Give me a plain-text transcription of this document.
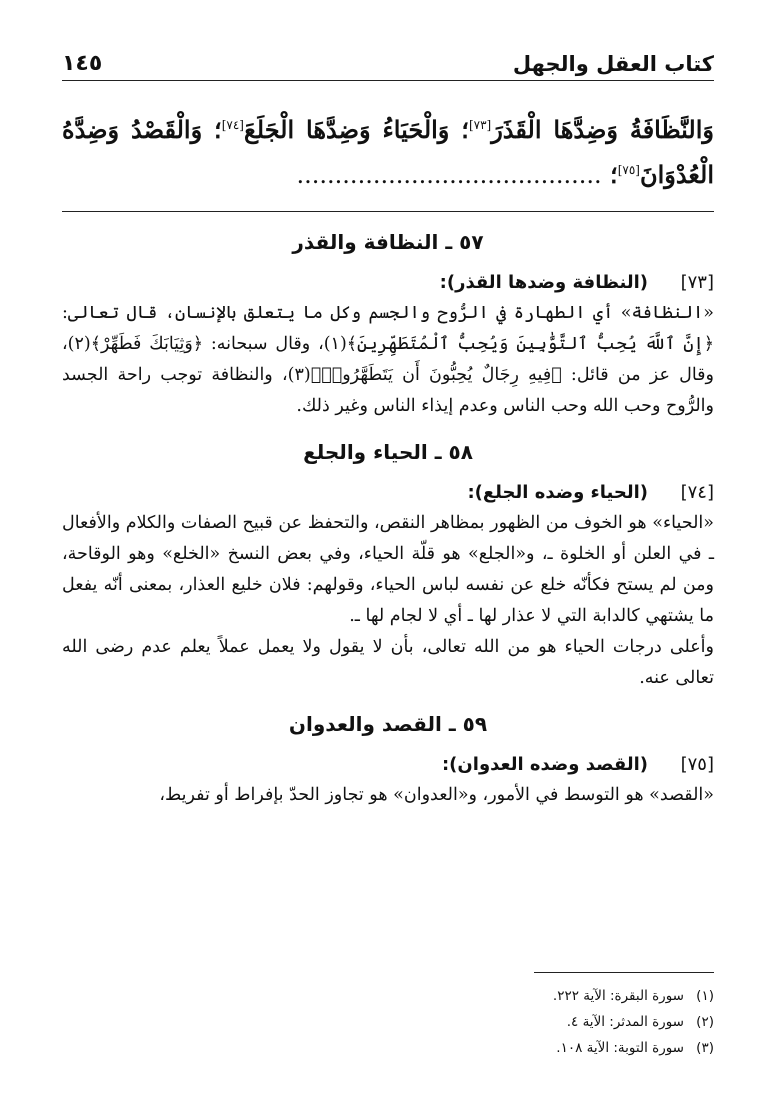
كتاب العقل والجهل
١٤٥
وَالنَّظَافَةُ وَضِدَّهَا الْقَذَرَ[٧٣]؛ وَالْحَيَاءُ وَضِدَّهَا الْجَلَعَ[٧٤]؛ وَالْقَصْدُ وَضِدَّهُ الْعُدْوَانَ[٧٥]؛ ........................................
٥٧ ـ النظافة والقذر
[٧٣]
(النظافة وضدها القذر):

«النظافة» أي الطهارة في الرُّوح والجسم وكل ما يتعلق بالإنسان، قال تعالى: ﴿إِنَّ ٱللَّهَ يُحِبُّ ٱلتَّوَّٰبِينَ وَيُحِبُّ ٱلْمُتَطَهِّرِينَ﴾(١)، وقال سبحانه: ﴿وَثِيَابَكَ فَطَهِّرْ﴾(٢)، وقال عز من قائل: ﴿فِيهِ رِجَالٌ يُحِبُّونَ أَن يَتَطَهَّرُوا۟﴾(٣)، والنظافة توجب راحة الجسد والرُّوح وحب الله وحب الناس وعدم إيذاء الناس وغير ذلك.

٥٨ ـ الحياء والجلع
[٧٤]
(الحياء وضده الجلع):

«الحياء» هو الخوف من الظهور بمظاهر النقص، والتحفظ عن قبيح الصفات والكلام والأفعال ـ في العلن أو الخلوة ـ، و«الجلع» هو قلّة الحياء، وفي بعض النسخ «الخلع» وهو الوقاحة، ومن لم يستح فكأنّه خلع عن نفسه لباس الحياء، وقولهم: فلان خليع العذار، بمعنى أنّه يفعل ما يشتهي كالدابة التي لا عذار لها ـ أي لا لجام لها ـ.

وأعلى درجات الحياء هو من الله تعالى، بأن لا يقول ولا يعمل عملاً يعلم عدم رضى الله تعالى عنه.

٥٩ ـ القصد والعدوان
[٧٥]
(القصد وضده العدوان):

«القصد» هو التوسط في الأمور، و«العدوان» هو تجاوز الحدّ بإفراط أو تفريط،

(١)سورة البقرة: الآية ٢٢٢.
(٢)سورة المدثر: الآية ٤.
(٣)سورة التوبة: الآية ١٠٨.
